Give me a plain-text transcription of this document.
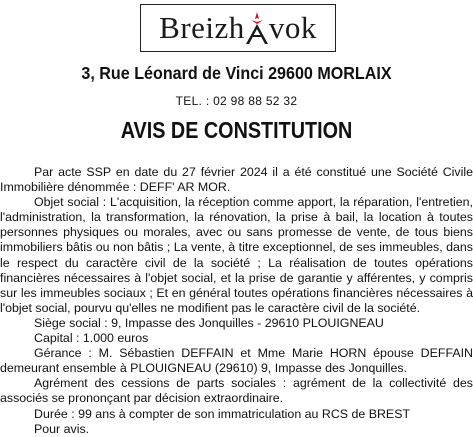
Breizh vok
3, Rue Léonard de Vinci 29600 MORLAIX
TEL. : 02 98 88 52 32
AVIS DE CONSTITUTION

Par acte SSP en date du 27 février 2024 il a été constitué une Société Civile Immobilière dénommée : DEFF' AR MOR.

Objet social : L'acquisition, la réception comme apport, la réparation, l'entretien, l'administration, la transformation, la rénovation, la prise à bail, la location à toutes personnes physiques ou morales, avec ou sans promesse de vente, de tous biens immobiliers bâtis ou non bâtis ; La vente, à titre exceptionnel, de ses immeubles, dans le respect du caractère civil de la société ; La réalisation de toutes opérations financières nécessaires à l'objet social, et la prise de garantie y afférentes, y compris sur les immeubles sociaux ; Et en général toutes opérations financières nécessaires à l'objet social, pourvu qu'elles ne modifient pas le caractère civil de la société.

Siège social : 9, Impasse des Jonquilles - 29610 PLOUIGNEAU

Capital : 1.000 euros

Gérance : M. Sébastien DEFFAIN et Mme Marie HORN épouse DEFFAIN demeurant ensemble à PLOUIGNEAU (29610) 9, Impasse des Jonquilles.

Agrément des cessions de parts sociales : agrément de la collectivité des associés se prononçant par décision extraordinaire.

Durée : 99 ans à compter de son immatriculation au RCS de BREST

Pour avis.
